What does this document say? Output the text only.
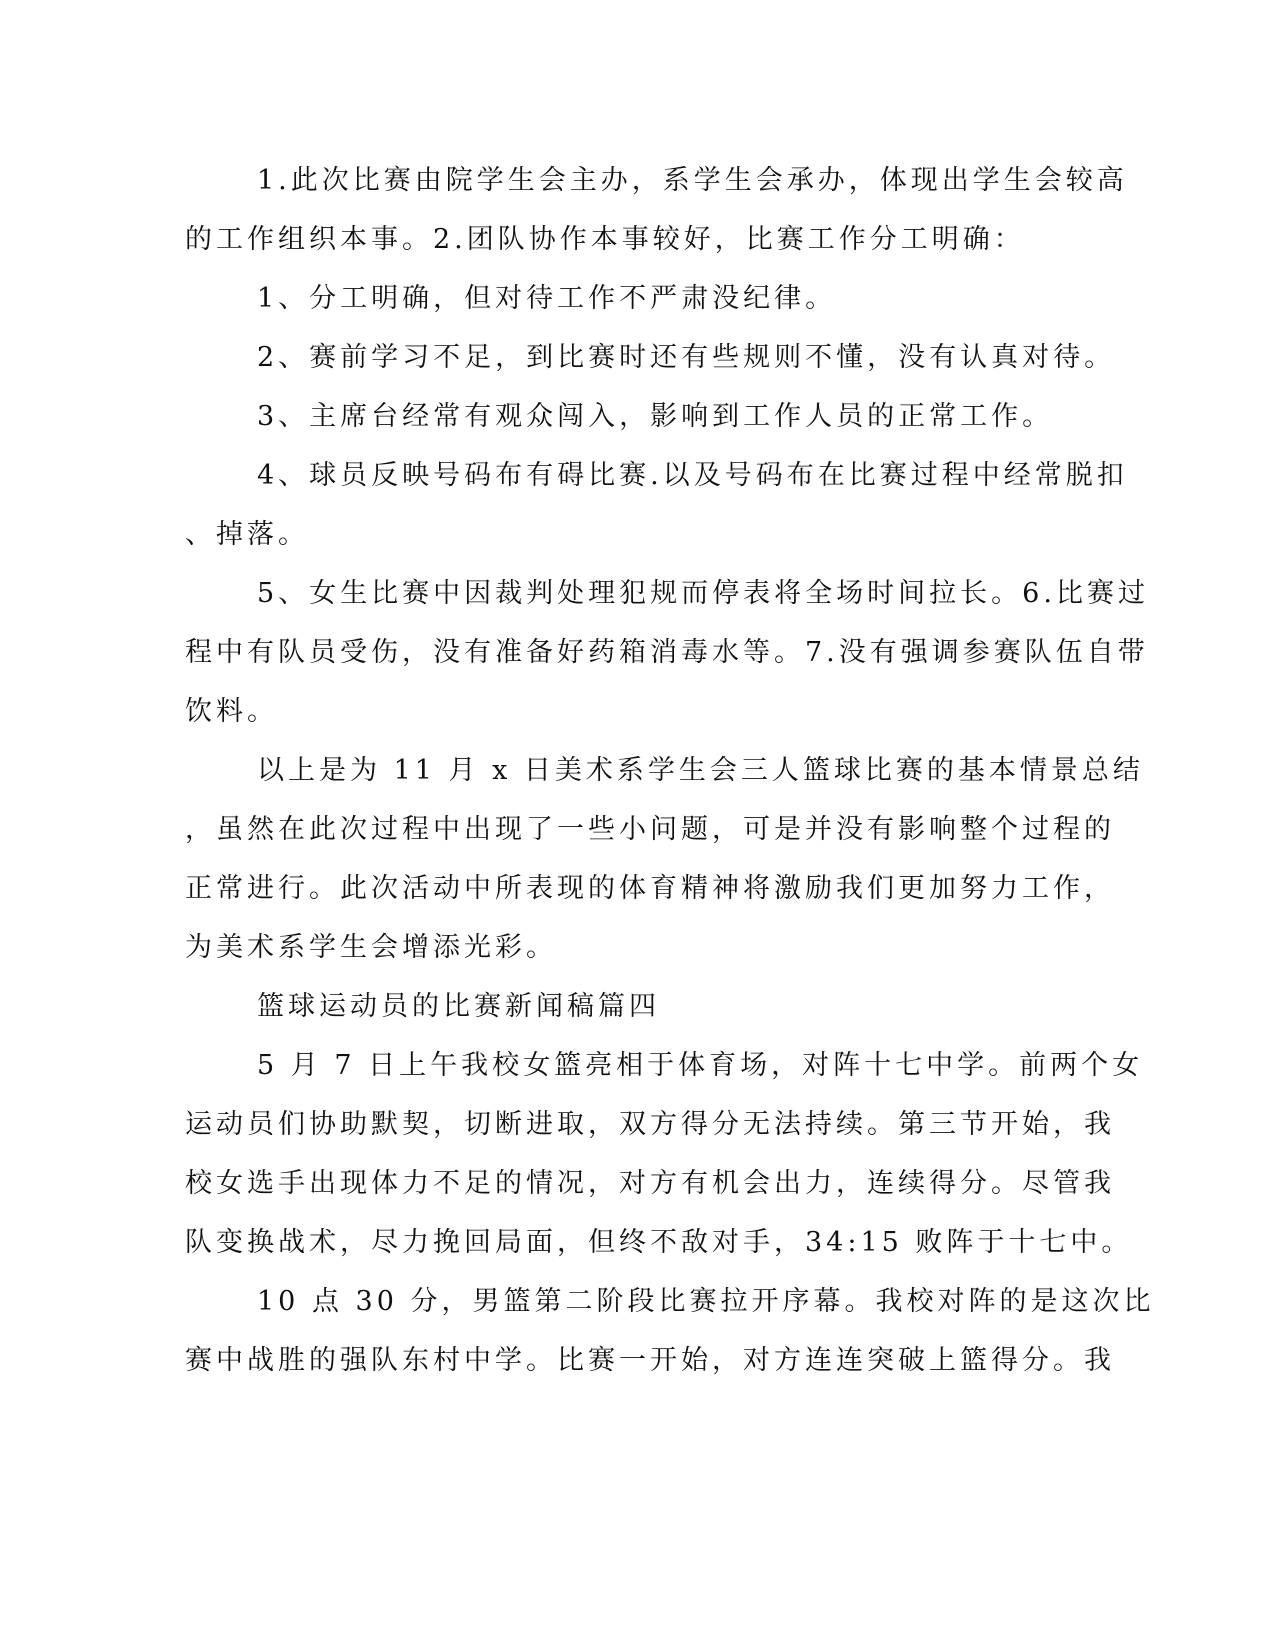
1.此次比赛由院学生会主办，系学生会承办，体现出学生会较高

的工作组织本事。2.团队协作本事较好，比赛工作分工明确：

1、分工明确，但对待工作不严肃没纪律。

2、赛前学习不足，到比赛时还有些规则不懂，没有认真对待。

3、主席台经常有观众闯入，影响到工作人员的正常工作。

4、球员反映号码布有碍比赛.以及号码布在比赛过程中经常脱扣

、掉落。

5、女生比赛中因裁判处理犯规而停表将全场时间拉长。6.比赛过

程中有队员受伤，没有准备好药箱消毒水等。7.没有强调参赛队伍自带

饮料。

以上是为 11 月 x 日美术系学生会三人篮球比赛的基本情景总结

，虽然在此次过程中出现了一些小问题，可是并没有影响整个过程的

正常进行。此次活动中所表现的体育精神将激励我们更加努力工作，

为美术系学生会增添光彩。

篮球运动员的比赛新闻稿篇四

5 月 7 日上午我校女篮亮相于体育场，对阵十七中学。前两个女

运动员们协助默契，切断进取，双方得分无法持续。第三节开始，我

校女选手出现体力不足的情况，对方有机会出力，连续得分。尽管我

队变换战术，尽力挽回局面，但终不敌对手，34:15 败阵于十七中。

10 点 30 分，男篮第二阶段比赛拉开序幕。我校对阵的是这次比

赛中战胜的强队东村中学。比赛一开始，对方连连突破上篮得分。我
